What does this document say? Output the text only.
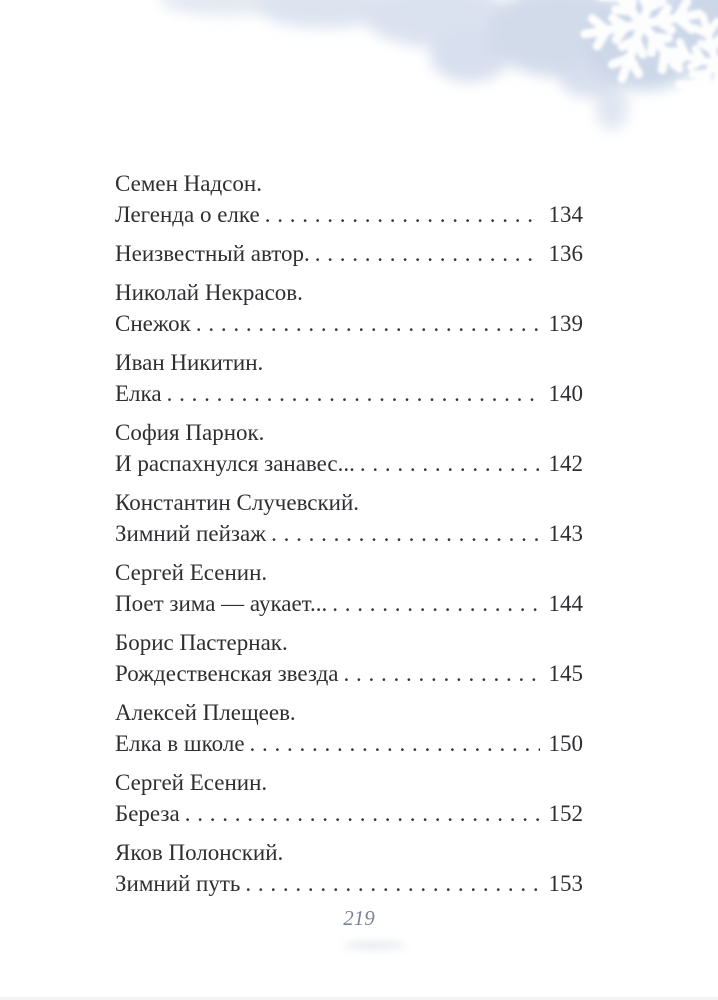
Семен Надсон.
Легенда о елке . . .	134
Неизвестный автор. . . .	136
Николай Некрасов.
Снежок . . .	139
Иван Никитин.
Елка . . .	140
София Парнок.
И распахнулся занавес... . . .	142
Константин Случевский.
Зимний пейзаж . . .	143
Сергей Есенин.
Поет зима — аукает... . . .	144
Борис Пастернак.
Рождественская звезда . . .	145
Алексей Плещеев.
Елка в школе . . .	150
Сергей Есенин.
Береза . . .	152
Яков Полонский.
Зимний путь . . .	153
219
